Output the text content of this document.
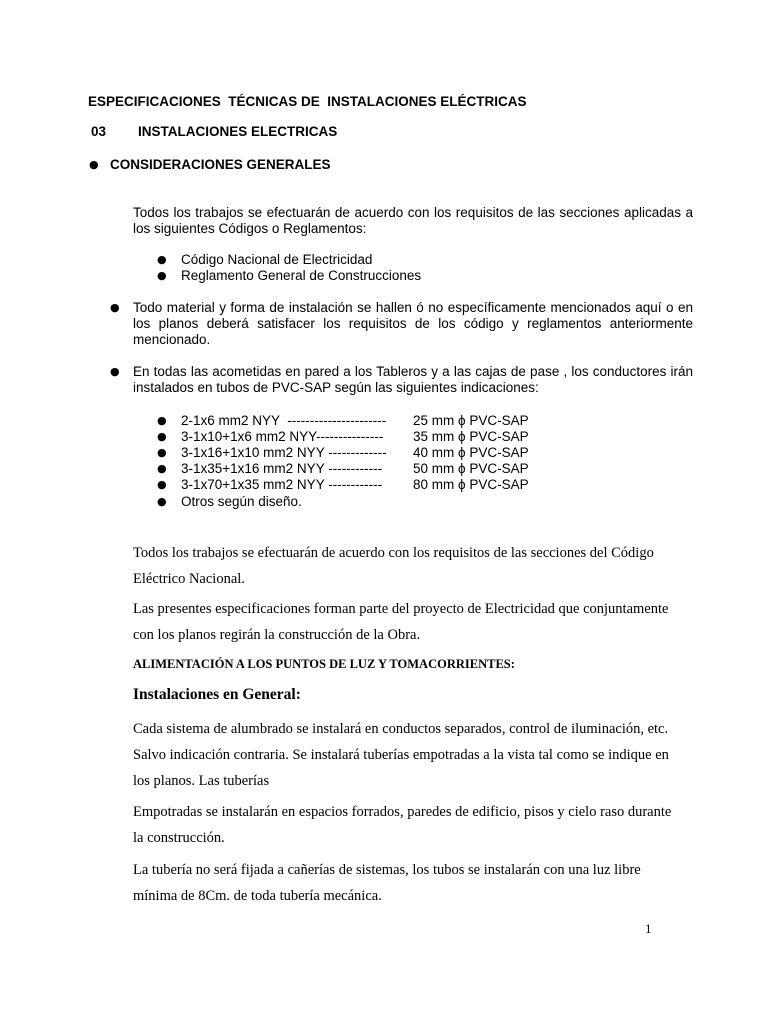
ESPECIFICACIONES  TÉCNICAS DE  INSTALACIONES ELÉCTRICAS
03 INSTALACIONES ELECTRICAS
● CONSIDERACIONES GENERALES
Todos los trabajos se efectuarán de acuerdo con los requisitos de las secciones aplicadas a los siguientes Códigos o Reglamentos:
● Código Nacional de Electricidad
● Reglamento General de Construcciones
● Todo material y forma de instalación se hallen ó no específicamente mencionados aquí o en los planos deberá satisfacer los requisitos de los código y reglamentos anteriormente mencionado.
● En todas las acometidas en pared a los Tableros y a las cajas de pase , los conductores irán instalados en tubos de PVC-SAP según las siguientes indicaciones:
● 2-1x6 mm2 NYY  ---------------------- 25 mm ϕ PVC-SAP
● 3-1x10+1x6 mm2 NYY--------------- 35 mm ϕ PVC-SAP
● 3-1x16+1x10 mm2 NYY ------------- 40 mm ϕ PVC-SAP
● 3-1x35+1x16 mm2 NYY ------------ 50 mm ϕ PVC-SAP
● 3-1x70+1x35 mm2 NYY ------------ 80 mm ϕ PVC-SAP
● Otros según diseño.
Todos los trabajos se efectuarán de acuerdo con los requisitos de las secciones del Código Eléctrico Nacional.
Las presentes especificaciones forman parte del proyecto de Electricidad que conjuntamente con los planos regirán la construcción de la Obra.
ALIMENTACIÓN A LOS PUNTOS DE LUZ Y TOMACORRIENTES:
Instalaciones en General:
Cada sistema de alumbrado se instalará en conductos separados, control de iluminación, etc. Salvo indicación contraria. Se instalará tuberías empotradas a la vista tal como se indique en los planos. Las tuberías
Empotradas se instalarán en espacios forrados, paredes de edificio, pisos y cielo raso durante la construcción.
La tubería no será fijada a cañerías de sistemas, los tubos se instalarán con una luz libre mínima de 8Cm. de toda tubería mecánica.
1
